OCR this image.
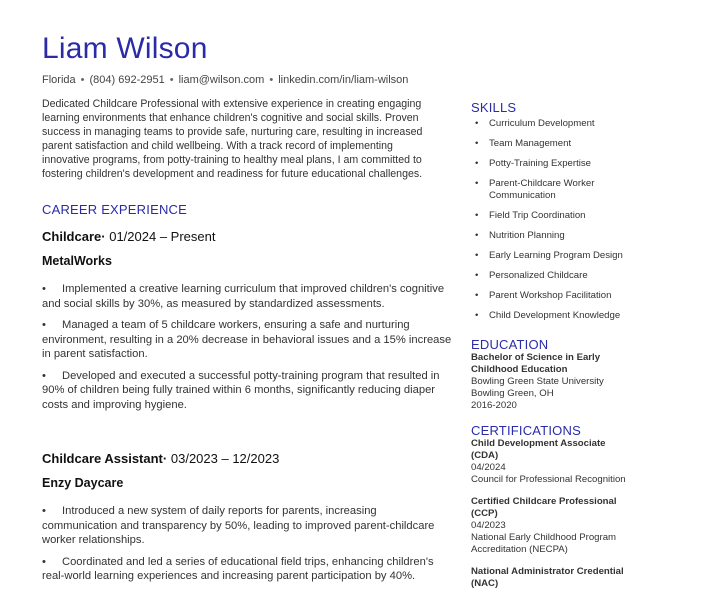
Liam Wilson
Florida • (804) 692-2951 • liam@wilson.com • linkedin.com/in/liam-wilson

Dedicated Childcare Professional with extensive experience in creating engaging learning environments that enhance children's cognitive and social skills. Proven success in managing teams to provide safe, nurturing care, resulting in increased parent satisfaction and child wellbeing. With a track record of implementing innovative programs, from potty-training to healthy meal plans, I am committed to fostering children's development and readiness for future educational challenges.

CAREER EXPERIENCE

Childcare· 01/2024 – Present

MetalWorks

• Implemented a creative learning curriculum that improved children's cognitive and social skills by 30%, as measured by standardized assessments.
• Managed a team of 5 childcare workers, ensuring a safe and nurturing environment, resulting in a 20% decrease in behavioral issues and a 15% increase in parent satisfaction.
• Developed and executed a successful potty-training program that resulted in 90% of children being fully trained within 6 months, significantly reducing diaper costs and improving hygiene.

Childcare Assistant· 03/2023 – 12/2023

Enzy Daycare

• Introduced a new system of daily reports for parents, increasing communication and transparency by 50%, leading to improved parent-childcare worker relationships.
• Coordinated and led a series of educational field trips, enhancing children's real-world learning experiences and increasing parent participation by 40%.
SKILLS
• Curriculum Development
• Team Management
• Potty-Training Expertise
• Parent-Childcare Worker Communication
• Field Trip Coordination
• Nutrition Planning
• Early Learning Program Design
• Personalized Childcare
• Parent Workshop Facilitation
• Child Development Knowledge
EDUCATION

Bachelor of Science in Early Childhood Education

Bowling Green State University

Bowling Green, OH

2016-2020

CERTIFICATIONS

Child Development Associate (CDA)

04/2024

Council for Professional Recognition

Certified Childcare Professional (CCP)

04/2023

National Early Childhood Program Accreditation (NECPA)

National Administrator Credential (NAC)
